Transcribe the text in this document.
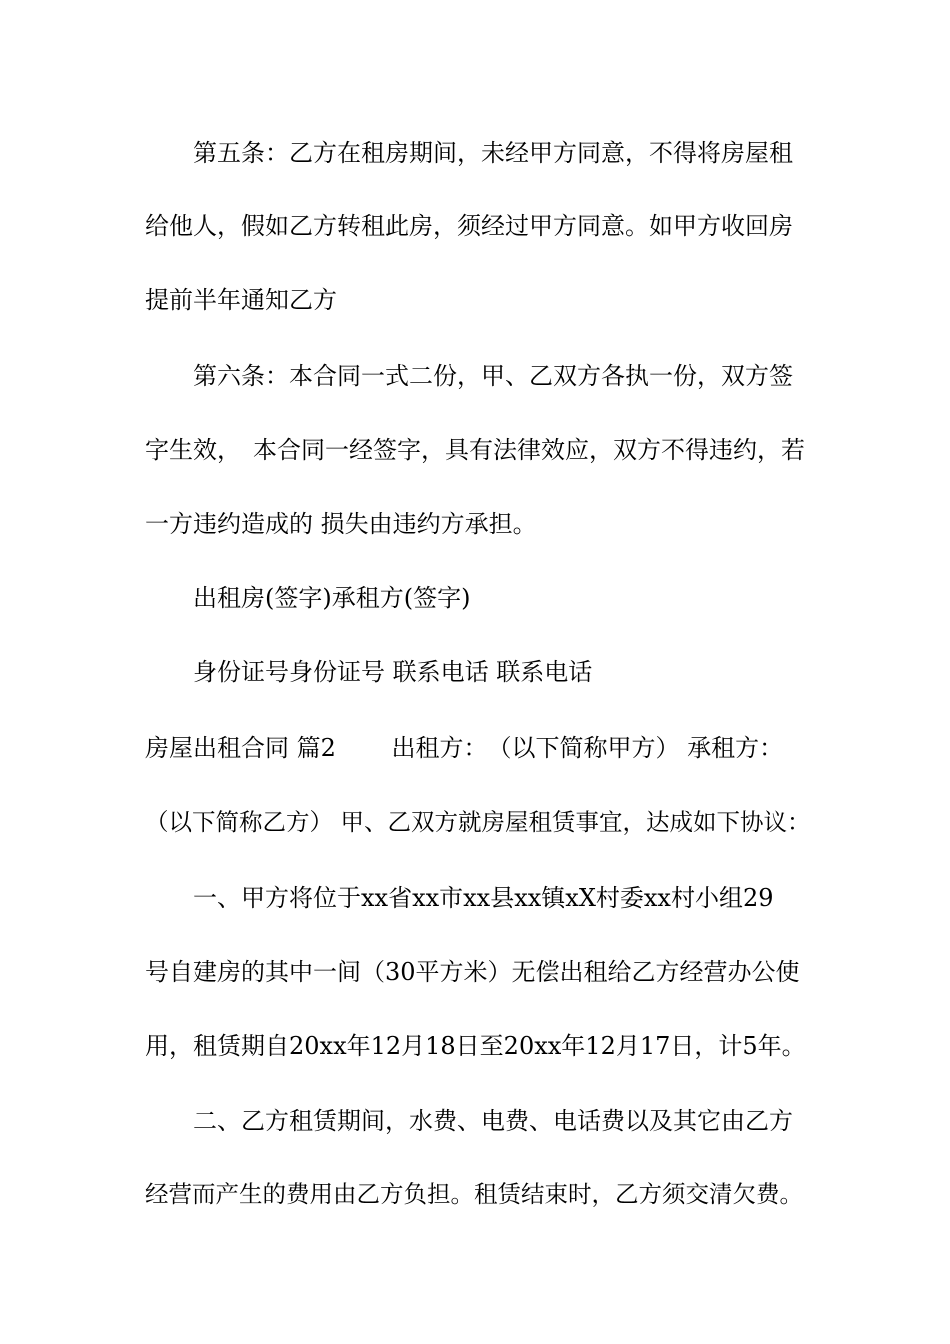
第五条：乙方在租房期间，未经甲方同意，不得将房屋租
给他人，假如乙方转租此房，须经过甲方同意。如甲方收回房
提前半年通知乙方
第六条：本合同一式二份，甲、乙双方各执一份，双方签
字生效，　本合同一经签字，具有法律效应，双方不得违约，若
一方违约造成的 损失由违约方承担。
出租房(签字)承租方(签字)
身份证号身份证号 联系电话 联系电话
房屋出租合同 篇2　　 出租方：　（以下简称甲方） 承租方：
（以下简称乙方） 甲、乙双方就房屋租赁事宜，达成如下协议：
一、甲方将位于xx省xx市xx县xx镇xX村委xx村小组29
号自建房的其中一间（30平方米）无偿出租给乙方经营办公使
用，租赁期自20xx年12月18日至20xx年12月17日，计5年。
二、乙方租赁期间，水费、电费、电话费以及其它由乙方
经营而产生的费用由乙方负担。租赁结束时，乙方须交清欠费。
